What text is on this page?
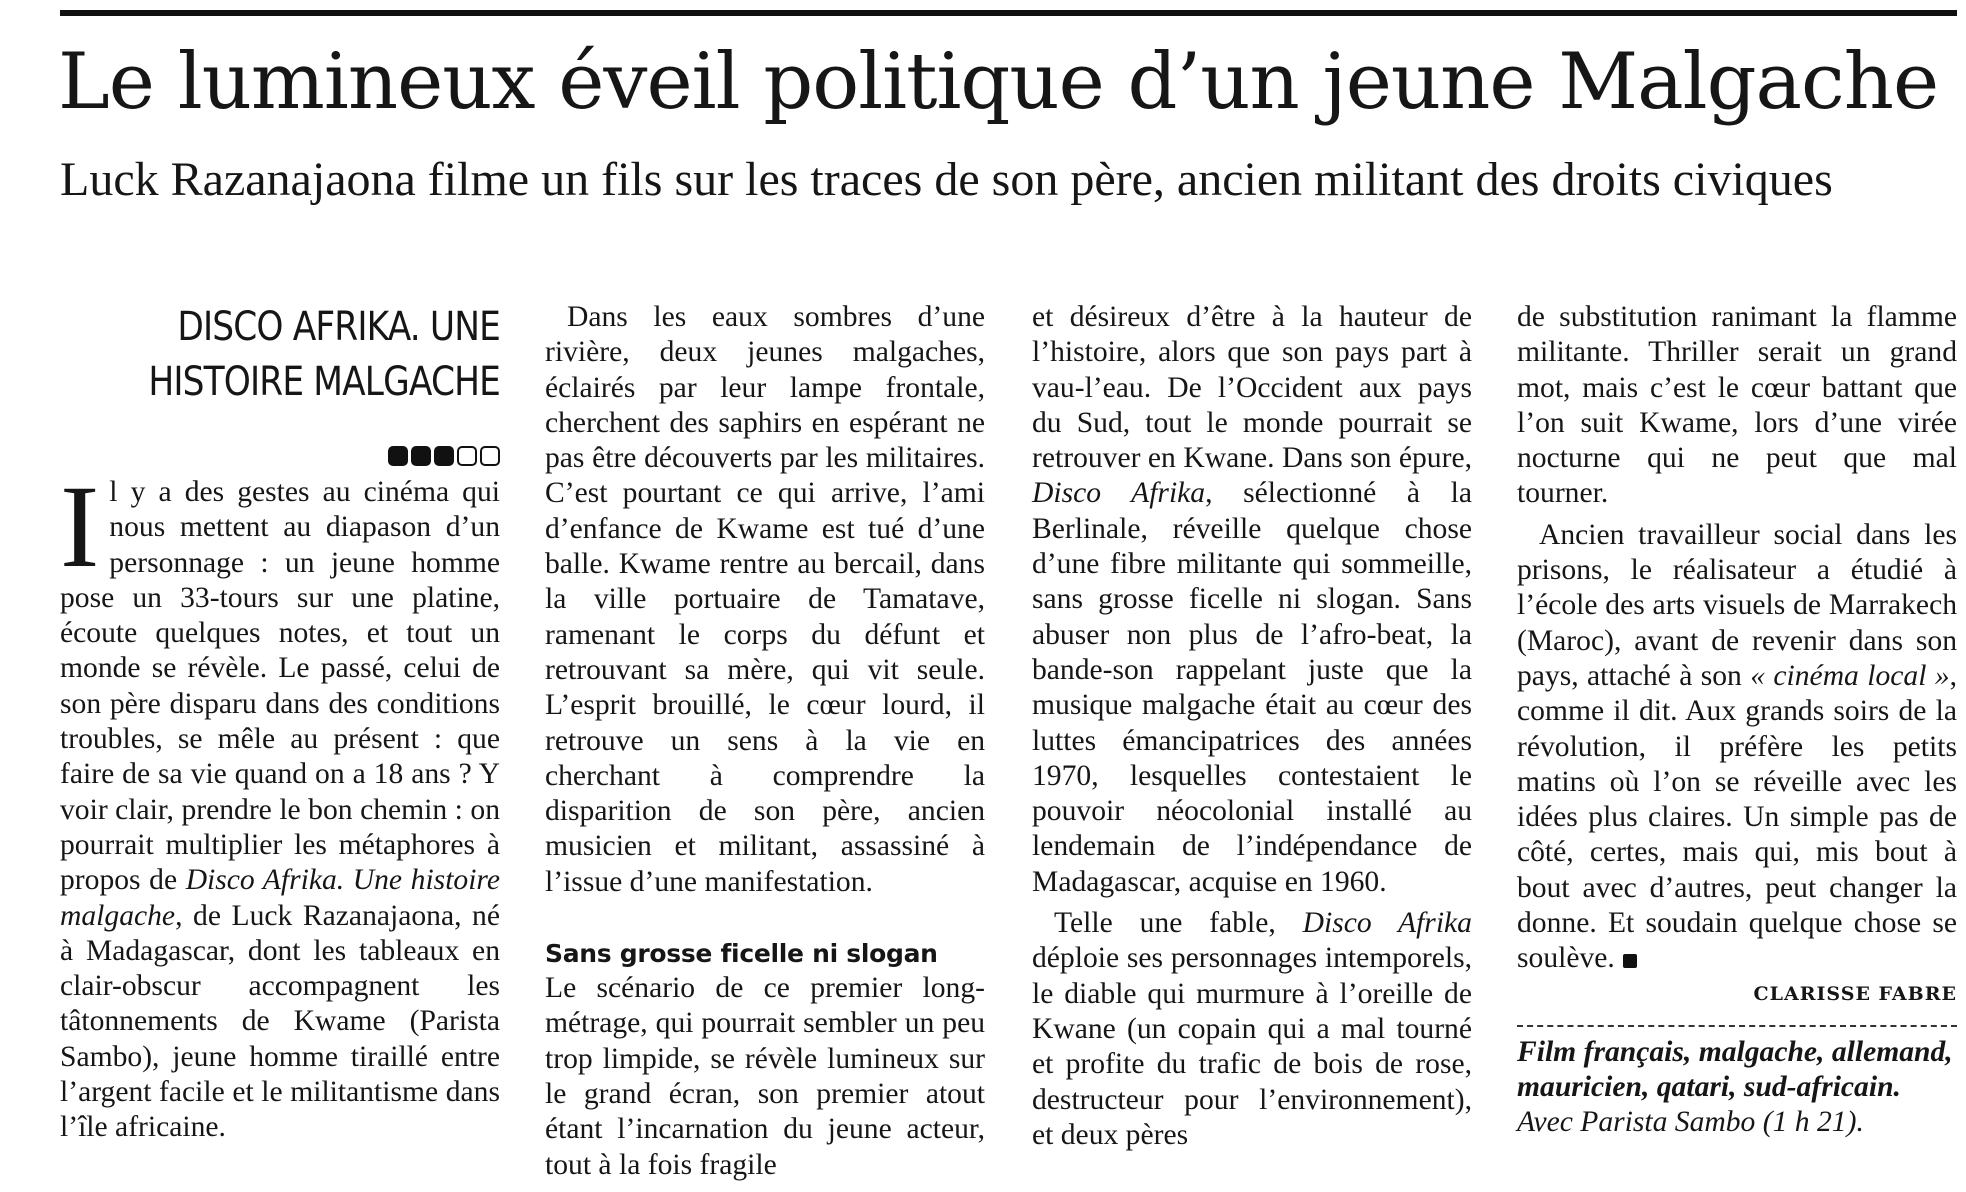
Le lumineux éveil politique d’un jeune Malgache
Luck Razanajaona filme un fils sur les traces de son père, ancien militant des droits civiques
DISCO AFRIKA. UNE HISTOIRE MALGACHE

Il y a des gestes au cinéma qui nous mettent au diapason d’un personnage : un jeune homme pose un 33-tours sur une platine, écoute quelques notes, et tout un monde se révèle. Le passé, celui de son père disparu dans des conditions troubles, se mêle au présent : que faire de sa vie quand on a 18 ans ? Y voir clair, prendre le bon chemin : on pourrait multiplier les métaphores à propos de Disco Afrika. Une histoire malgache, de Luck Razanajaona, né à Madagascar, dont les tableaux en clair-obscur accompagnent les tâtonnements de Kwame (Parista Sambo), jeune homme tiraillé entre l’argent facile et le militantisme dans l’île africaine.

Dans les eaux sombres d’une rivière, deux jeunes malgaches, éclairés par leur lampe frontale, cherchent des saphirs en espérant ne pas être découverts par les militaires. C’est pourtant ce qui arrive, l’ami d’enfance de Kwame est tué d’une balle. Kwame rentre au bercail, dans la ville portuaire de Tamatave, ramenant le corps du défunt et retrouvant sa mère, qui vit seule. L’esprit brouillé, le cœur lourd, il retrouve un sens à la vie en cherchant à comprendre la disparition de son père, ancien musicien et militant, assassiné à l’issue d’une manifestation.

Sans grosse ficelle ni slogan

Le scénario de ce premier long-métrage, qui pourrait sembler un peu trop limpide, se révèle lumineux sur le grand écran, son premier atout étant l’incarnation du jeune acteur, tout à la fois fragile

et désireux d’être à la hauteur de l’histoire, alors que son pays part à vau-l’eau. De l’Occident aux pays du Sud, tout le monde pourrait se retrouver en Kwane. Dans son épure, Disco Afrika, sélectionné à la Berlinale, réveille quelque chose d’une fibre militante qui sommeille, sans grosse ficelle ni slogan. Sans abuser non plus de l’afro-beat, la bande-son rappelant juste que la musique malgache était au cœur des luttes émancipatrices des années 1970, lesquelles contestaient le pouvoir néocolonial installé au lendemain de l’indépendance de Madagascar, acquise en 1960.

Telle une fable, Disco Afrika déploie ses personnages intemporels, le diable qui murmure à l’oreille de Kwane (un copain qui a mal tourné et profite du trafic de bois de rose, destructeur pour l’environnement), et deux pères

de substitution ranimant la flamme militante. Thriller serait un grand mot, mais c’est le cœur battant que l’on suit Kwame, lors d’une virée nocturne qui ne peut que mal tourner.

Ancien travailleur social dans les prisons, le réalisateur a étudié à l’école des arts visuels de Marrakech (Maroc), avant de revenir dans son pays, attaché à son « cinéma local », comme il dit. Aux grands soirs de la révolution, il préfère les petits matins où l’on se réveille avec les idées plus claires. Un simple pas de côté, certes, mais qui, mis bout à bout avec d’autres, peut changer la donne. Et soudain quelque chose se soulève.

CLARISSE FABRE

Film français, malgache, allemand, mauricien, qatari, sud-africain. Avec Parista Sambo (1 h 21).
